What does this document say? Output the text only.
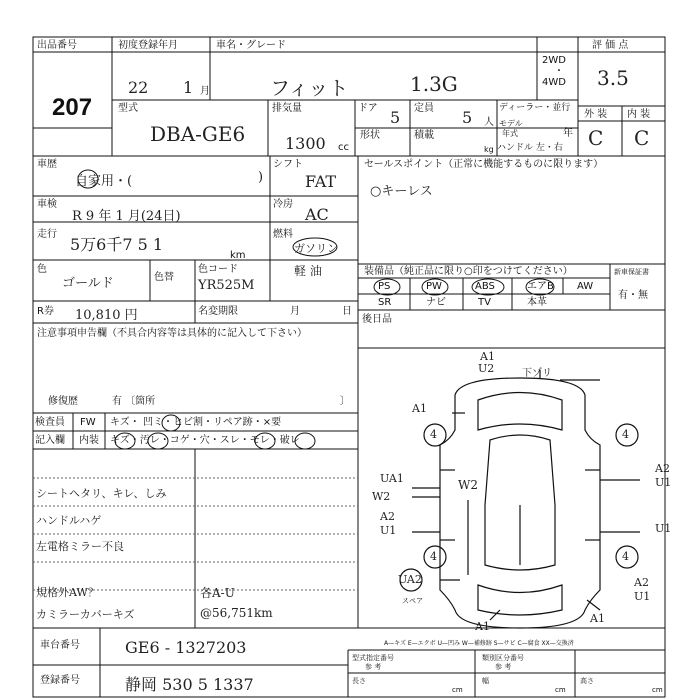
出品番号
207
初度登録年月
22 1 月
車名・グレード
フィット	1.3G
2WD
・
4WD
評 価 点
3.5
型式
DBA-GE6
排気量
1300 cc
ドア 5 定員 5 人
ディーラー・並行
形状	積載
kg
モデル
年式	年
ハンドル 左・右
外 装 内 装
C C
車歴
自家用・(	)
車検
R 9 年 1 月(24日)
走行
5万6千7 5 1
km
色
ゴールド	色替
色コード
YR525M
シフト
FAT
冷房
AC
燃料
ガソリン
軽 油
R券 10,810 円	名変期限	月	日
セールスポイント（正常に機能するものに限ります）
○キーレス
装備品（純正品に限り○印をつけてください）	新車保証書
有・無
PS	PW	ABS	エアB AW
SR	ナビ	TV	本革
後日品
注意事項申告欄（不具合内容等は具体的に記入して下さい）
修復歴	有 〔箇所	〕
検査員
記入欄
FW キズ・ 凹ミ・ヒビ割・リペア跡・×要
内装 キズ・汚レ・コゲ・穴・スレ・モレ・破レ
シートヘタリ、キレ、しみ
ハンドルハゲ
左電格ミラー不良
規格外AW？
カミラーカバーキズ
各A-U
@56,751km
車台番号	GE6 - 1327203
登録番号	静岡 530 5 1337
型式指定番号
参 考
類別区分番号
参 考
長さ
cm
幅
cm
高さ
cm
A—キズ E—エクボ U—凹み W—補修跡 S—サビ C—腐食 XX—交換済
スペア
4	4
4	4
A1
U2	下ゾリ
A1
A2
U1
UA1
W2
W2
A2
U1	U1
A2
U1
UA2
A1
A1
